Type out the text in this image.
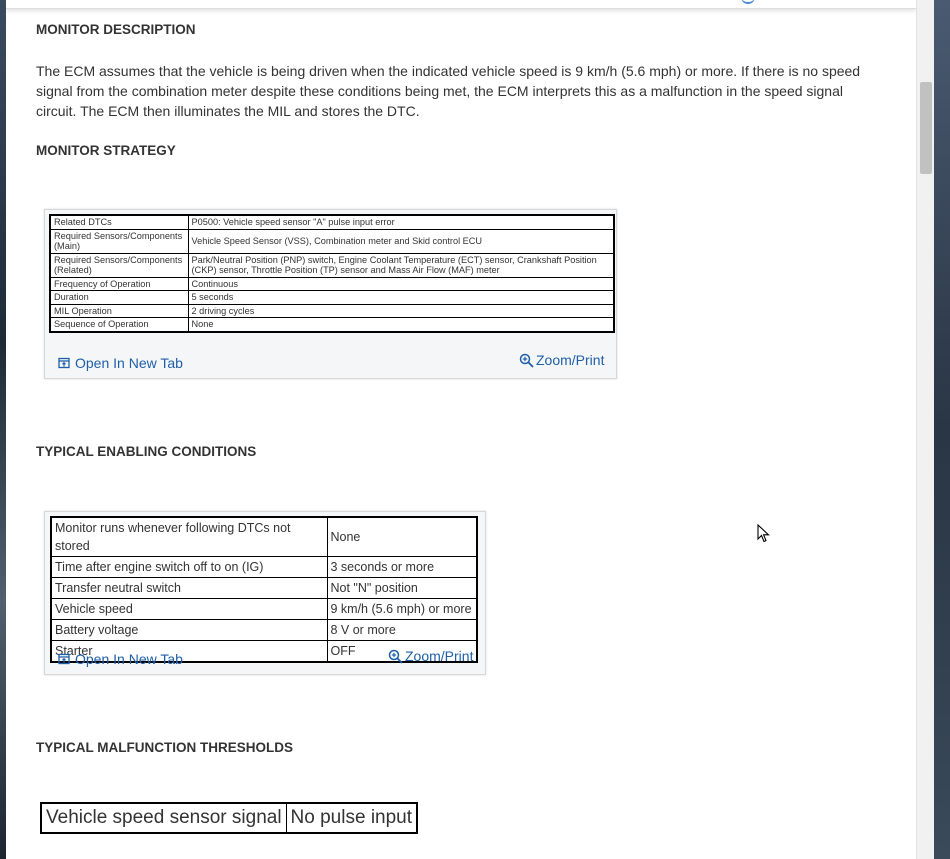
MONITOR DESCRIPTION
The ECM assumes that the vehicle is being driven when the indicated vehicle speed is 9 km/h (5.6 mph) or more. If there is no speed signal from the combination meter despite these conditions being met, the ECM interprets this as a malfunction in the speed signal circuit. The ECM then illuminates the MIL and stores the DTC.
MONITOR STRATEGY
Related DTCs	P0500: Vehicle speed sensor "A" pulse input error
Required Sensors/Components (Main)	Vehicle Speed Sensor (VSS), Combination meter and Skid control ECU
Required Sensors/Components (Related)	Park/Neutral Position (PNP) switch, Engine Coolant Temperature (ECT) sensor, Crankshaft Position (CKP) sensor, Throttle Position (TP) sensor and Mass Air Flow (MAF) meter
Frequency of Operation	Continuous
Duration	5 seconds
MIL Operation	2 driving cycles
Sequence of Operation	None
Open In New Tab	Zoom/Print
TYPICAL ENABLING CONDITIONS
Monitor runs whenever following DTCs not stored	None
Time after engine switch off to on (IG)	3 seconds or more
Transfer neutral switch	Not "N" position
Vehicle speed	9 km/h (5.6 mph) or more
Battery voltage	8 V or more
Starter	OFF
Open In New Tab	Zoom/Print
TYPICAL MALFUNCTION THRESHOLDS
Vehicle speed sensor signal	No pulse input
